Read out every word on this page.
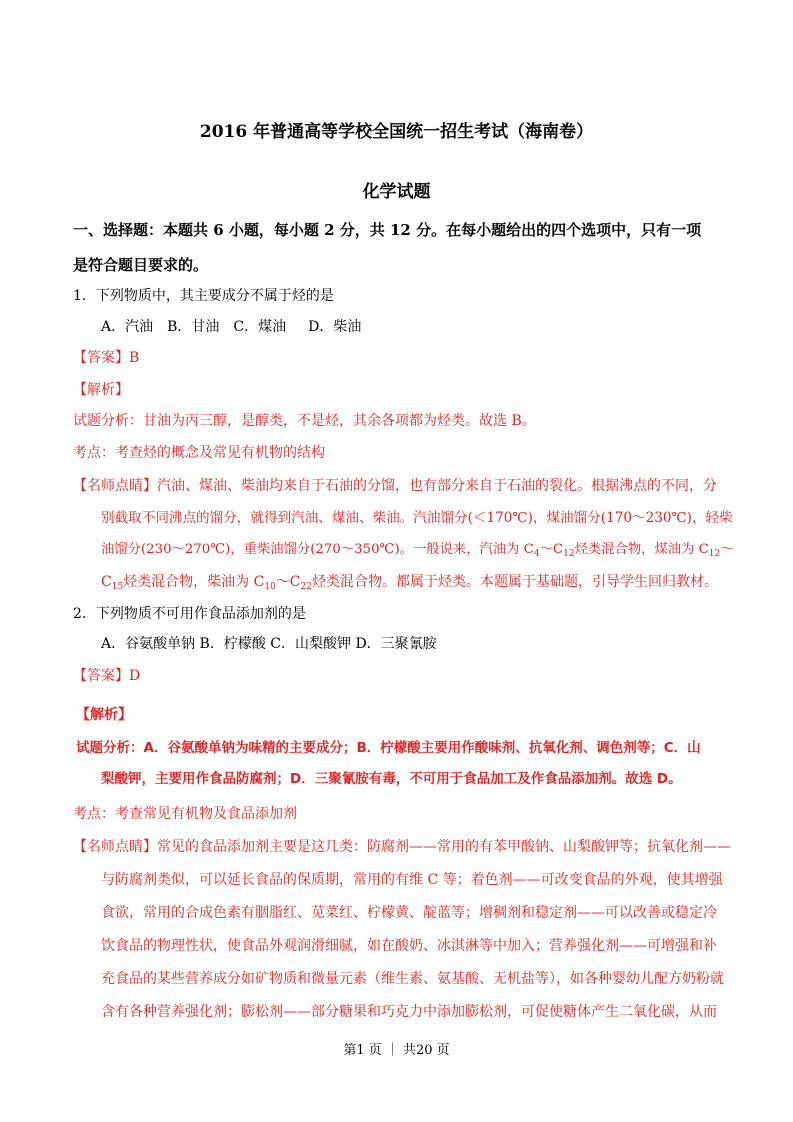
2016 年普通高等学校全国统一招生考试（海南卷）
化学试题
一、选择题：本题共 6 小题，每小题 2 分，共 12 分。在每小题给出的四个选项中，只有一项
是符合题目要求的。
1．下列物质中，其主要成分不属于烃的是
A．汽油 B．甘油 C．煤油 D．柴油
【答案】B
【解析】
试题分析：甘油为丙三醇，是醇类，不是烃，其余各项都为烃类。故选 B。
考点：考查烃的概念及常见有机物的结构
【名师点睛】汽油、煤油、柴油均来自于石油的分馏，也有部分来自于石油的裂化。根据沸点的不同，分
别截取不同沸点的馏分，就得到汽油、煤油、柴油。汽油馏分(＜170℃)，煤油馏分(170～230℃)，轻柴
油馏分(230～270℃)，重柴油馏分(270～350℃)。一般说来，汽油为 $C_4\sim C_{12}$烃类混合物，煤油为 $C_{12}\sim$
$C_{15}$烃类混合物，柴油为 $C_{10}\sim C_{22}$烃类混合物。都属于烃类。本题属于基础题，引导学生回归教材。
2．下列物质不可用作食品添加剂的是
A．谷氨酸单钠 B．柠檬酸 C．山梨酸钾 D．三聚氰胺
【答案】D
【解析】
试题分析：A．谷氨酸单钠为味精的主要成分；B．柠檬酸主要用作酸味剂、抗氧化剂、调色剂等；C．山
梨酸钾，主要用作食品防腐剂；D．三聚氰胺有毒，不可用于食品加工及作食品添加剂。故选 D。
考点：考查常见有机物及食品添加剂
【名师点睛】常见的食品添加剂主要是这几类：防腐剂——常用的有苯甲酸钠、山梨酸钾等；抗氧化剂——
与防腐剂类似，可以延长食品的保质期，常用的有维 C 等；着色剂——可改变食品的外观，使其增强
食欲，常用的合成色素有胭脂红、苋菜红、柠檬黄、靛蓝等；增稠剂和稳定剂——可以改善或稳定冷
饮食品的物理性状，使食品外观润滑细腻，如在酸奶、冰淇淋等中加入；营养强化剂——可增强和补
充食品的某些营养成分如矿物质和微量元素（维生素、氨基酸、无机盐等），如各种婴幼儿配方奶粉就
含有各种营养强化剂；膨松剂——部分糖果和巧克力中添加膨松剂，可促使糖体产生二氧化碳，从而
第1 页 ｜ 共20 页
